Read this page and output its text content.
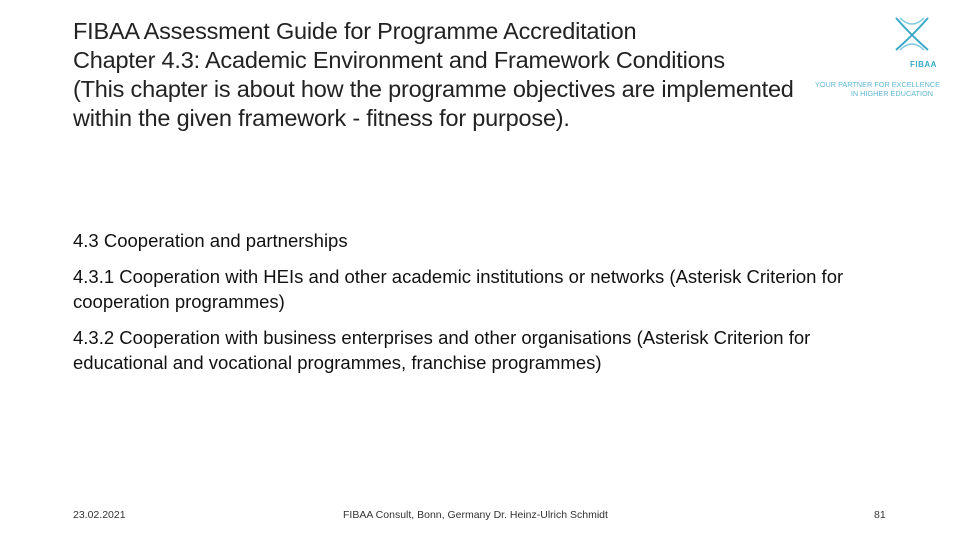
FIBAA Assessment Guide for Programme Accreditation
Chapter 4.3: Academic Environment and Framework Conditions
(This chapter is about how the programme objectives are implemented
within the given framework - fitness for purpose).
FIBAA
YOUR PARTNER FOR EXCELLENCE
IN HIGHER EDUCATION

4.3 Cooperation and partnerships

4.3.1 Cooperation with HEIs and other academic institutions or networks (Asterisk Criterion for cooperation programmes)

4.3.2 Cooperation with business enterprises and other organisations (Asterisk Criterion for educational and vocational programmes, franchise programmes)

23.02.2021	FIBAA Consult, Bonn, Germany Dr. Heinz-Ulrich Schmidt	81
